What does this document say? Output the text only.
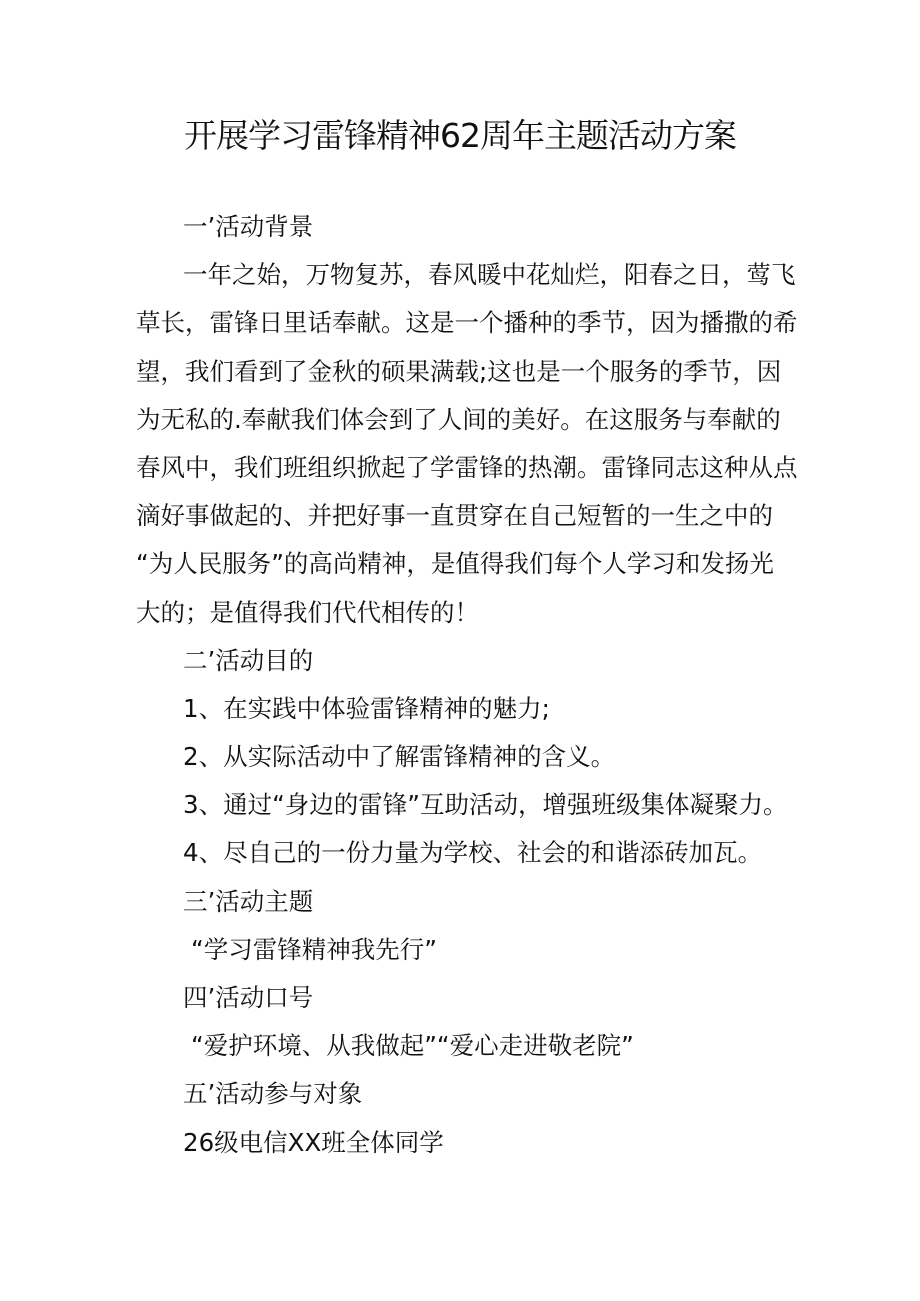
开展学习雷锋精神62周年主题活动方案

一’活动背景

一年之始，万物复苏，春风暖中花灿烂，阳春之日，莺飞

草长，雷锋日里话奉献。这是一个播种的季节，因为播撒的希

望，我们看到了金秋的硕果满载;这也是一个服务的季节，因

为无私的.奉献我们体会到了人间的美好。在这服务与奉献的

春风中，我们班组织掀起了学雷锋的热潮。雷锋同志这种从点

滴好事做起的、并把好事一直贯穿在自己短暂的一生之中的

“为人民服务”的高尚精神，是值得我们每个人学习和发扬光

大的；是值得我们代代相传的！

二’活动目的

1、在实践中体验雷锋精神的魅力;

2、从实际活动中了解雷锋精神的含义。

3、通过“身边的雷锋”互助活动，增强班级集体凝聚力。

4、尽自己的一份力量为学校、社会的和谐添砖加瓦。

三’活动主题

“学习雷锋精神我先行”

四’活动口号

“爱护环境、从我做起”“爱心走进敬老院”

五’活动参与对象

26级电信XX班全体同学
